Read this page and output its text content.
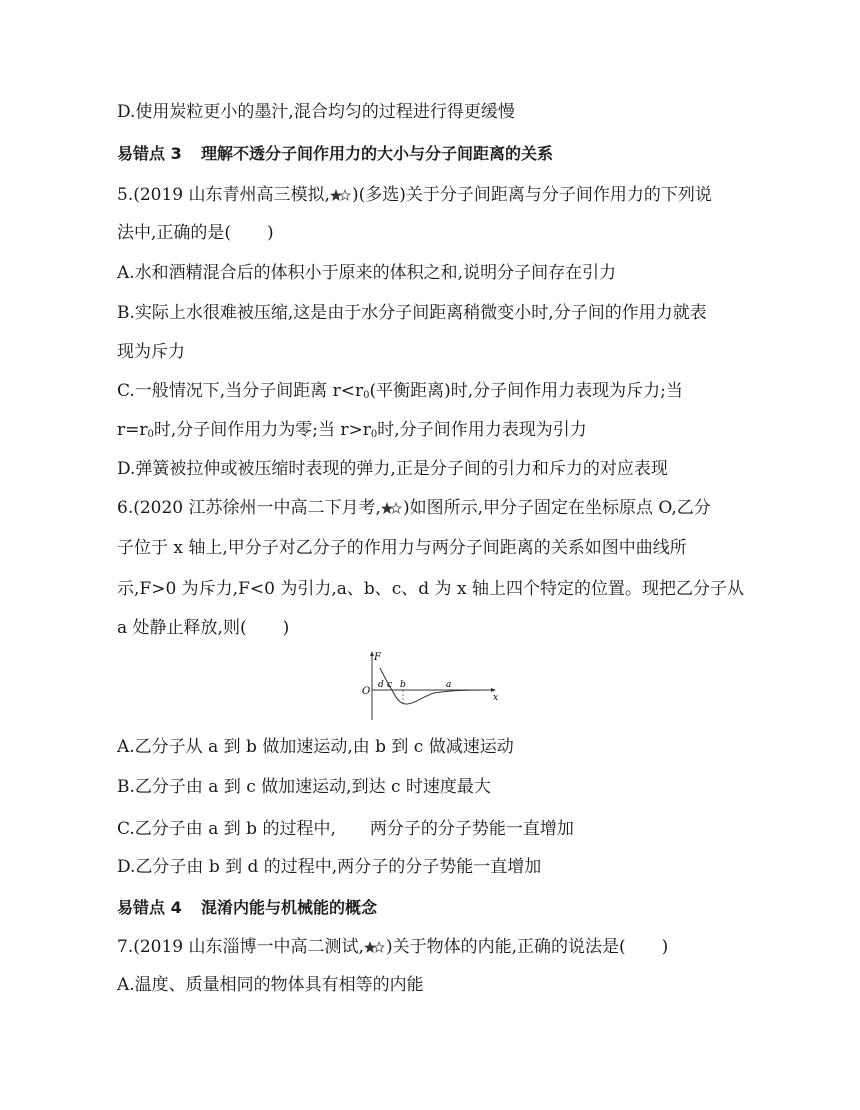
D.使用炭粒更小的墨汁,混合均匀的过程进行得更缓慢
易错点 3 理解不透分子间作用力的大小与分子间距离的关系
5.(2019 山东青州高三模拟, )(多选)关于分子间距离与分子间作用力的下列说
法中,正确的是( )
A.水和酒精混合后的体积小于原来的体积之和,说明分子间存在引力
B.实际上水很难被压缩,这是由于水分子间距离稍微变小时,分子间的作用力就表
现为斥力
C.一般情况下,当分子间距离 $r<r_0$(平衡距离)时,分子间作用力表现为斥力;当
$r=r_0$时,分子间作用力为零;当 $r>r_0$时,分子间作用力表现为引力
D.弹簧被拉伸或被压缩时表现的弹力,正是分子间的引力和斥力的对应表现
6.(2020 江苏徐州一中高二下月考, )如图所示,甲分子固定在坐标原点 O,乙分
子位于 x 轴上,甲分子对乙分子的作用力与两分子间距离的关系如图中曲线所
示,F>0 为斥力,F<0 为引力,a、b、c、d 为 x 轴上四个特定的位置。现把乙分子从
a 处静止释放,则( )
F
O
x
d c b	a
A.乙分子从 a 到 b 做加速运动,由 b 到 c 做减速运动
B.乙分子由 a 到 c 做加速运动,到达 c 时速度最大
C.乙分子由 a 到 b 的过程中,　　两分子的分子势能一直增加
D.乙分子由 b 到 d 的过程中,两分子的分子势能一直增加
易错点 4 混淆内能与机械能的概念
7.(2019 山东淄博一中高二测试, )关于物体的内能,正确的说法是( )
A.温度、质量相同的物体具有相等的内能
